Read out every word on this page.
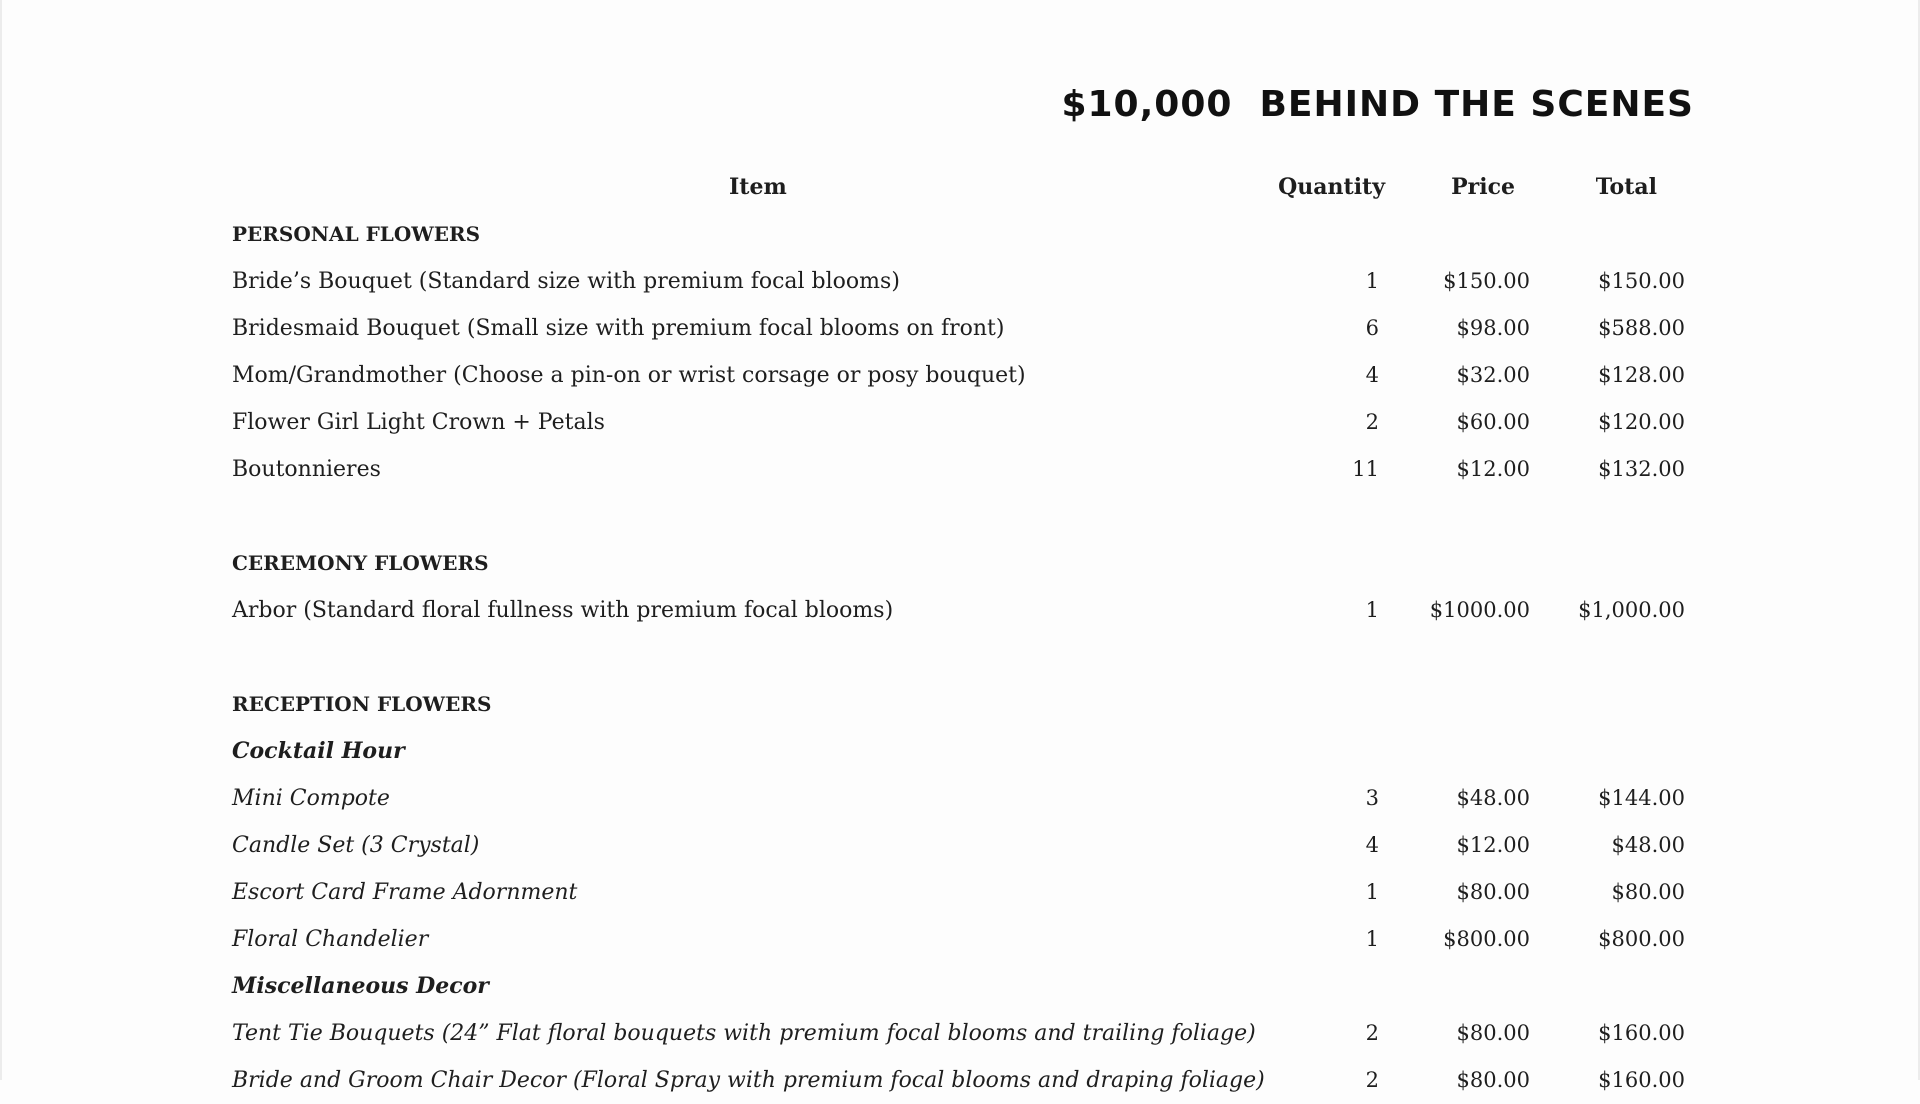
$10,000  BEHIND THE SCENES
Item	Quantity	Price	Total
PERSONAL FLOWERS
Bride’s Bouquet (Standard size with premium focal blooms)	1	$150.00	$150.00
Bridesmaid Bouquet (Small size with premium focal blooms on front)	6	$98.00	$588.00
Mom/Grandmother (Choose a pin-on or wrist corsage or posy bouquet)	4	$32.00	$128.00
Flower Girl Light Crown + Petals	2	$60.00	$120.00
Boutonnieres	11	$12.00	$132.00
CEREMONY FLOWERS
Arbor (Standard floral fullness with premium focal blooms)	1 $1000.00 $1,000.00
RECEPTION FLOWERS
Cocktail Hour
Mini Compote	3	$48.00	$144.00
Candle Set (3 Crystal)	4	$12.00	$48.00
Escort Card Frame Adornment	1	$80.00	$80.00
Floral Chandelier	1	$800.00	$800.00
Miscellaneous Decor
Tent Tie Bouquets (24” Flat floral bouquets with premium focal blooms and trailing foliage)	2	$80.00	$160.00
Bride and Groom Chair Decor (Floral Spray with premium focal blooms and draping foliage)	2	$80.00	$160.00
